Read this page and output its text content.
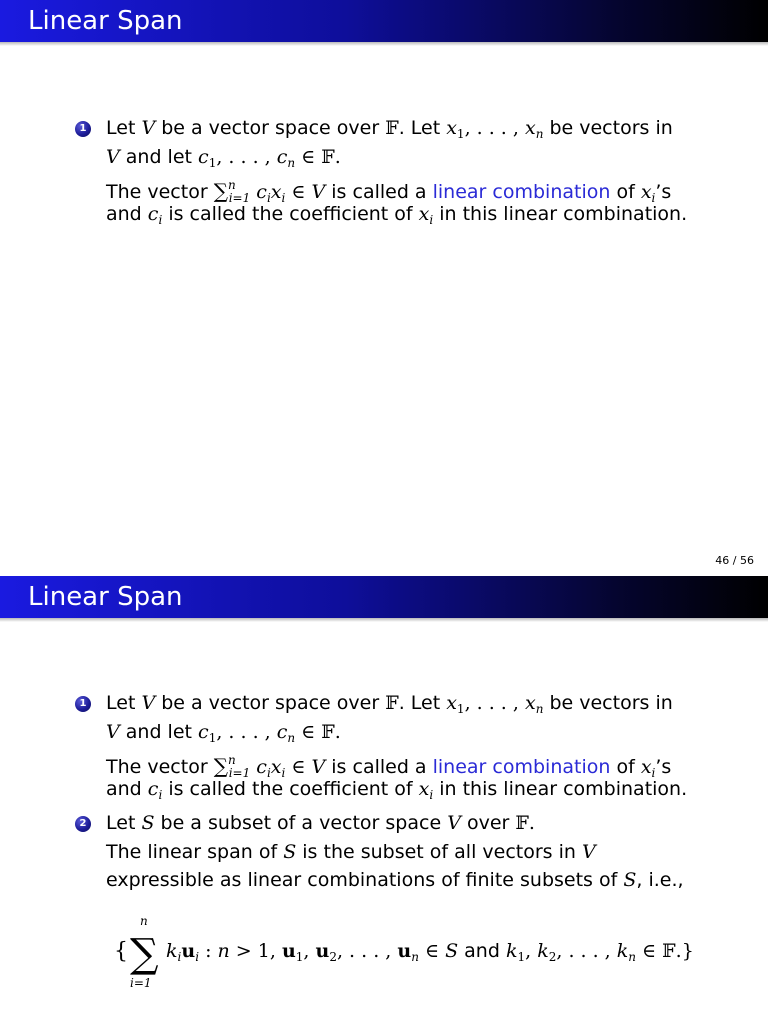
Linear Span
1 Let V be a vector space over 𝔽. Let $x_1$, . . . , $x_n$ be vectors in
V and let $c_1$, . . . , $c_n$ ∈ 𝔽.
The vector ∑$^n_{i=1}$ $c_ix_i$ ∈ V is called a linear combination of $x_i’s$
and $c_i$ is called the coefficient of $x_i$ in this linear combination.
46 / 56
Linear Span
1 Let V be a vector space over 𝔽. Let $x_1$, . . . , $x_n$ be vectors in
V and let $c_1$, . . . , $c_n$ ∈ 𝔽.
The vector ∑$^n_{i=1}$ $c_ix_i$ ∈ V is called a linear combination of $x_i’s$
and $c_i$ is called the coefficient of $x_i$ in this linear combination.
2 Let S be a subset of a vector space V over 𝔽.
The linear span of S is the subset of all vectors in V
expressible as linear combinations of finite subsets of S, i.e.,
n
{ ∑
i=1
$k_iu_i$ : n > 1, $u_1$, $u_2$, . . . , $u_n$ ∈ S and $k_1$, $k_2$, . . . , $k_n$ ∈ 𝔽.}
